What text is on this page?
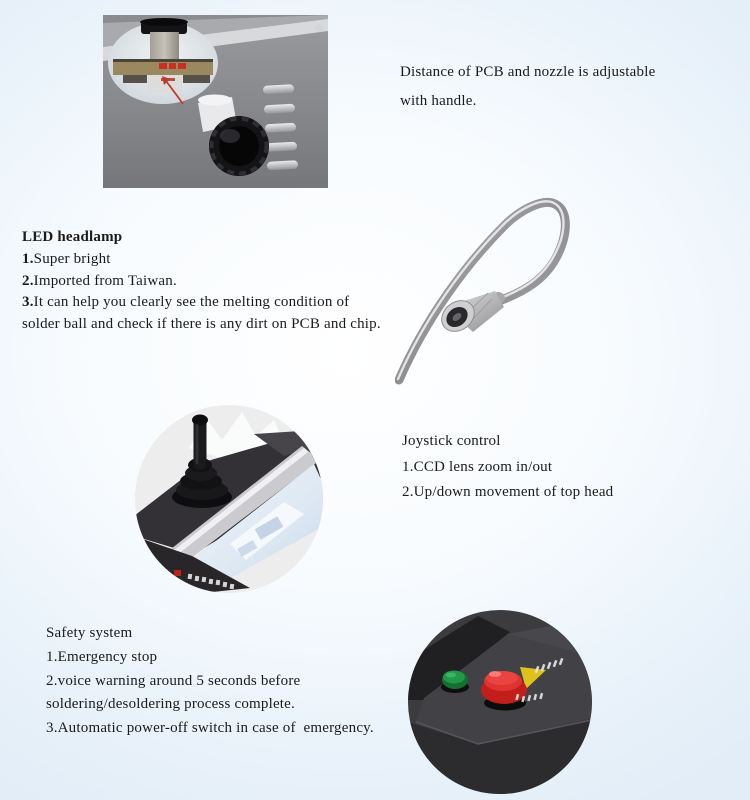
Distance of PCB and nozzle is adjustable
with handle.
LED headlamp
1.Super bright
2.Imported from Taiwan.
3.It can help you clearly see the melting condition of
solder ball and check if there is any dirt on PCB and chip.
Joystick control
1.CCD lens zoom in/out
2.Up/down movement of top head
Safety system
1.Emergency stop
2.voice warning around 5 seconds before
soldering/desoldering process complete.
3.Automatic power-off switch in case of  emergency.
